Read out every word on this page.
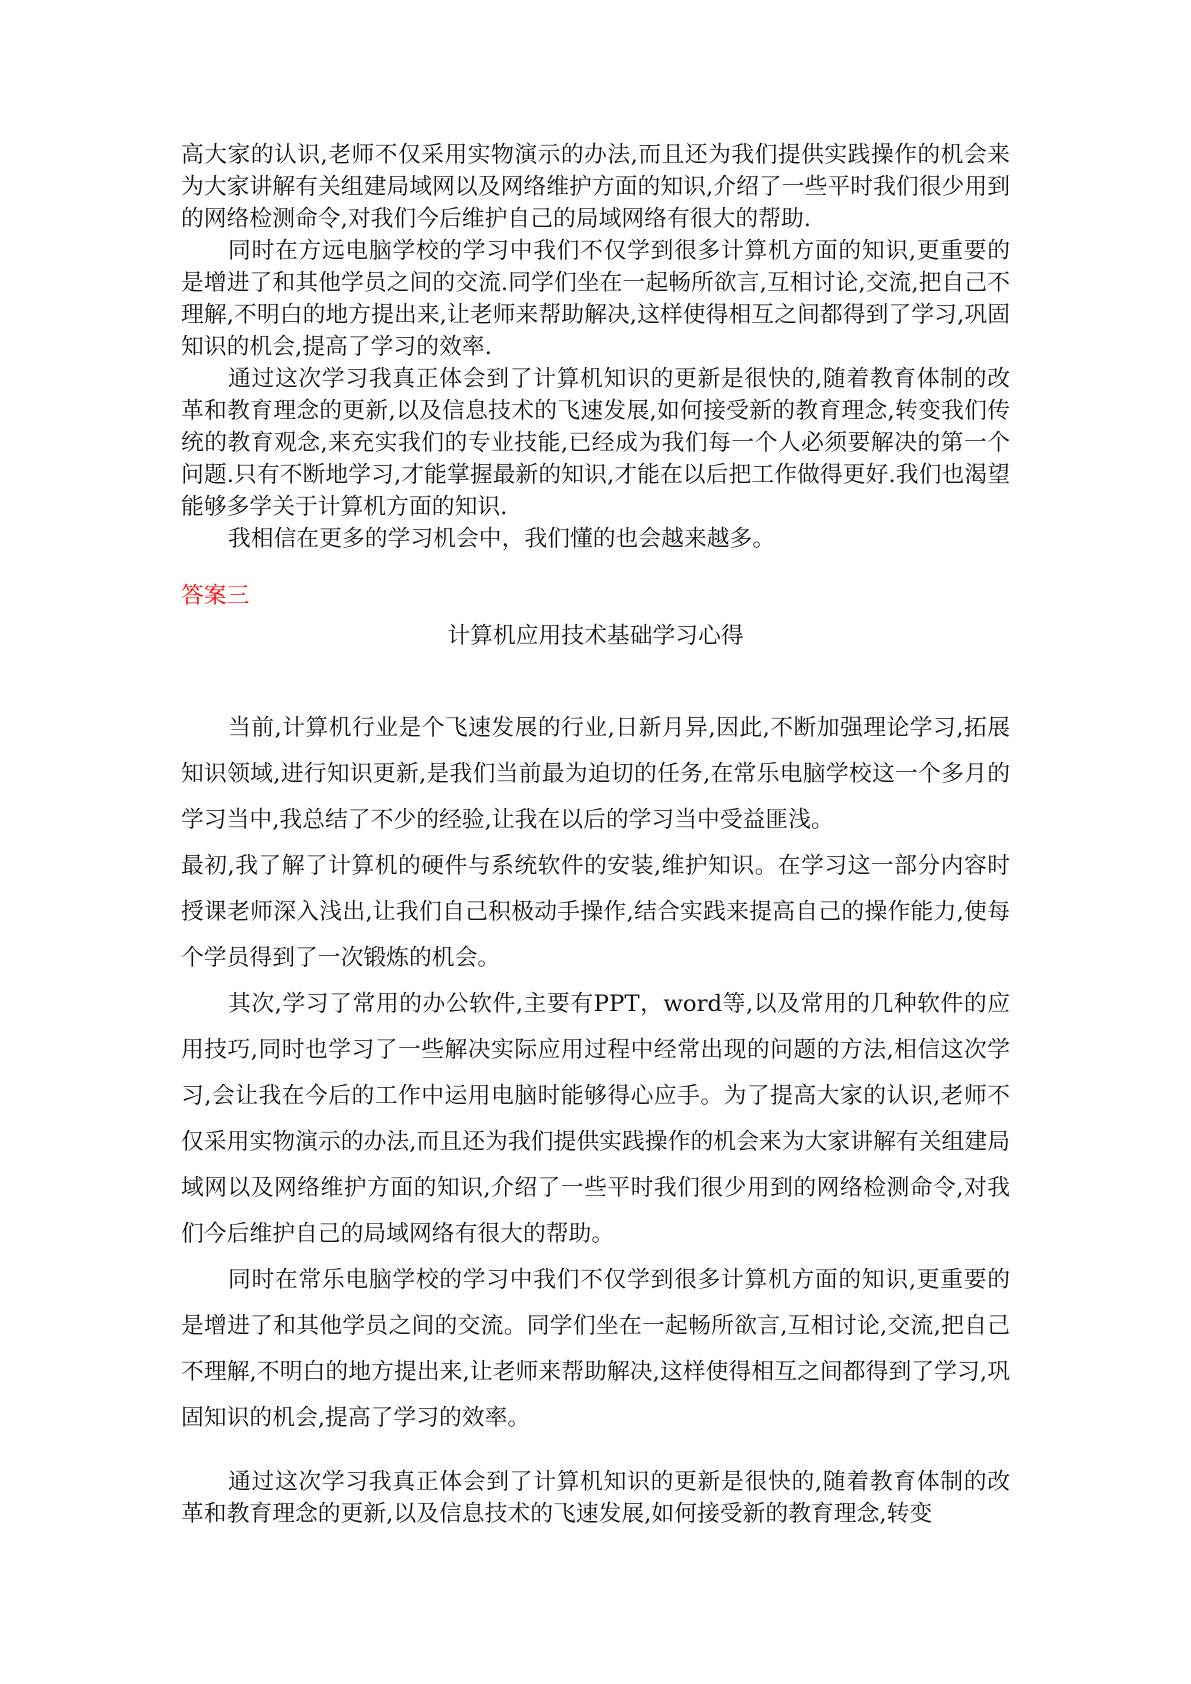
高大家的认识,老师不仅采用实物演示的办法,而且还为我们提供实践操作的机会来为大家讲解有关组建局域网以及网络维护方面的知识,介绍了一些平时我们很少用到的网络检测命令,对我们今后维护自己的局域网络有很大的帮助.

同时在方远电脑学校的学习中我们不仅学到很多计算机方面的知识,更重要的是增进了和其他学员之间的交流.同学们坐在一起畅所欲言,互相讨论,交流,把自己不理解,不明白的地方提出来,让老师来帮助解决,这样使得相互之间都得到了学习,巩固知识的机会,提高了学习的效率.

通过这次学习我真正体会到了计算机知识的更新是很快的,随着教育体制的改革和教育理念的更新,以及信息技术的飞速发展,如何接受新的教育理念,转变我们传统的教育观念,来充实我们的专业技能,已经成为我们每一个人必须要解决的第一个问题.只有不断地学习,才能掌握最新的知识,才能在以后把工作做得更好.我们也渴望能够多学关于计算机方面的知识.

我相信在更多的学习机会中，我们懂的也会越来越多。

答案三

计算机应用技术基础学习心得

当前,计算机行业是个飞速发展的行业,日新月异,因此,不断加强理论学习,拓展知识领域,进行知识更新,是我们当前最为迫切的任务,在常乐电脑学校这一个多月的学习当中,我总结了不少的经验,让我在以后的学习当中受益匪浅。

最初,我了解了计算机的硬件与系统软件的安装,维护知识。在学习这一部分内容时授课老师深入浅出,让我们自己积极动手操作,结合实践来提高自己的操作能力,使每个学员得到了一次锻炼的机会。

其次,学习了常用的办公软件,主要有PPT，word等,以及常用的几种软件的应用技巧,同时也学习了一些解决实际应用过程中经常出现的问题的方法,相信这次学习,会让我在今后的工作中运用电脑时能够得心应手。为了提高大家的认识,老师不仅采用实物演示的办法,而且还为我们提供实践操作的机会来为大家讲解有关组建局域网以及网络维护方面的知识,介绍了一些平时我们很少用到的网络检测命令,对我们今后维护自己的局域网络有很大的帮助。

同时在常乐电脑学校的学习中我们不仅学到很多计算机方面的知识,更重要的是增进了和其他学员之间的交流。同学们坐在一起畅所欲言,互相讨论,交流,把自己不理解,不明白的地方提出来,让老师来帮助解决,这样使得相互之间都得到了学习,巩固知识的机会,提高了学习的效率。

通过这次学习我真正体会到了计算机知识的更新是很快的,随着教育体制的改革和教育理念的更新,以及信息技术的飞速发展,如何接受新的教育理念,转变
